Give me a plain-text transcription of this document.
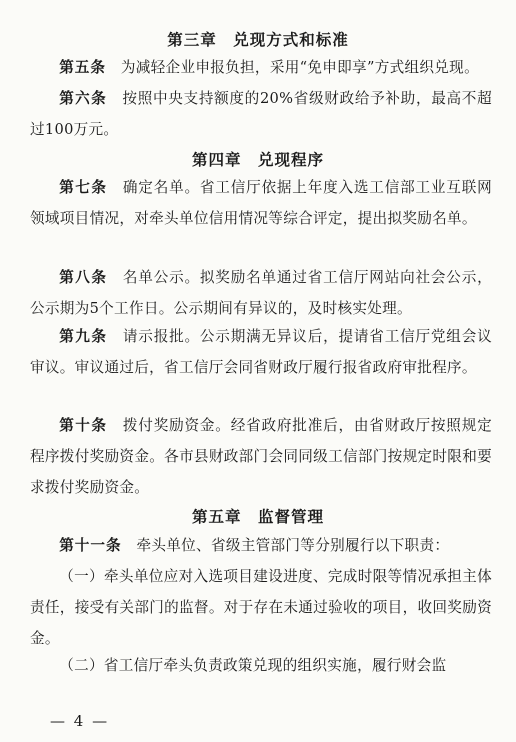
第三章　兑现方式和标准
第五条　为减轻企业申报负担，采用“免申即享”方式组织兑现。
第六条　按照中央支持额度的20%省级财政给予补助，最高不超过100万元。
第四章　兑现程序
第七条　确定名单。省工信厅依据上年度入选工信部工业互联网领域项目情况，对牵头单位信用情况等综合评定，提出拟奖励名单。
第八条　名单公示。拟奖励名单通过省工信厅网站向社会公示，公示期为5个工作日。公示期间有异议的，及时核实处理。
第九条　请示报批。公示期满无异议后，提请省工信厅党组会议审议。审议通过后，省工信厅会同省财政厅履行报省政府审批程序。
第十条　拨付奖励资金。经省政府批准后，由省财政厅按照规定程序拨付奖励资金。各市县财政部门会同同级工信部门按规定时限和要求拨付奖励资金。
第五章　监督管理
第十一条　牵头单位、省级主管部门等分别履行以下职责：
（一）牵头单位应对入选项目建设进度、完成时限等情况承担主体责任，接受有关部门的监督。对于存在未通过验收的项目，收回奖励资金。
（二）省工信厅牵头负责政策兑现的组织实施，履行财会监
— 4 —
